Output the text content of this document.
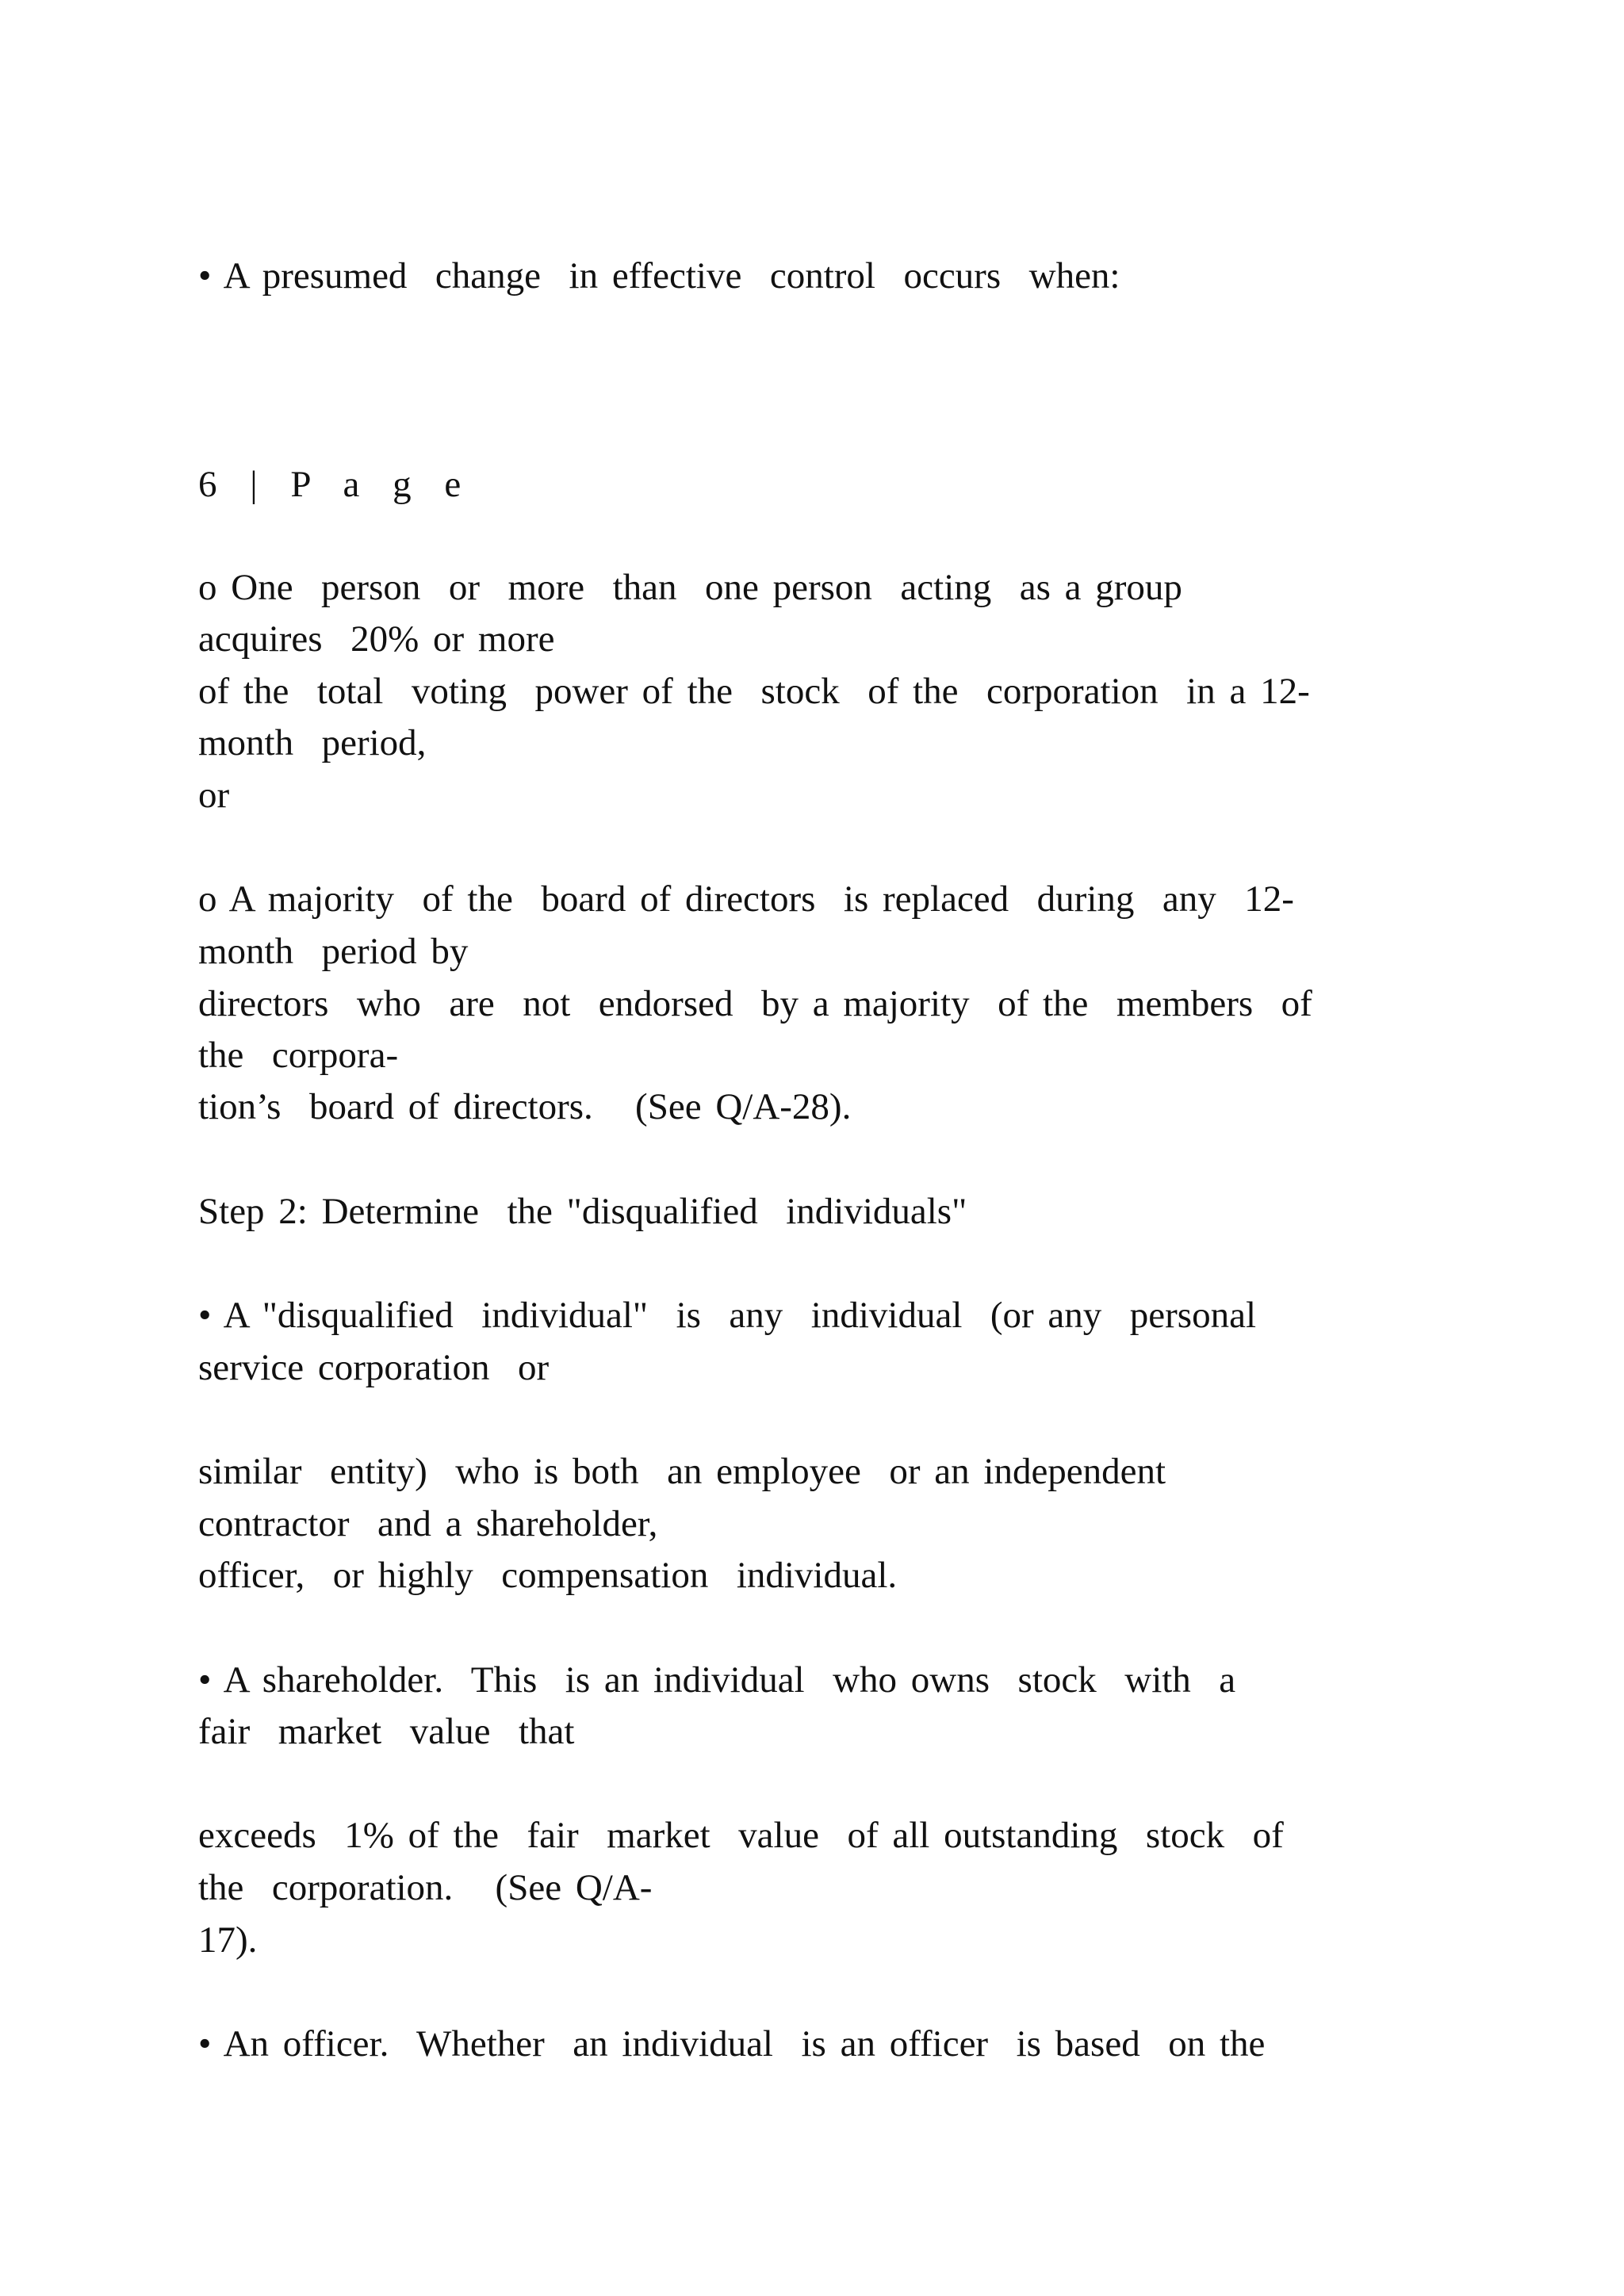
• A presumed  change  in effective  control  occurs  when:

6 | P a g e

o One  person  or  more  than  one person  acting  as a group

acquires  20% or more

of the  total  voting  power of the  stock  of the  corporation  in a 12-

month  period,

or

o A majority  of the  board of directors  is replaced  during  any  12-

month  period by

directors  who  are  not  endorsed  by a majority  of the  members  of

the  corpora-

tion’s  board of directors.   (See Q/A-28).

Step 2: Determine  the "disqualified  individuals"

• A "disqualified  individual"  is  any  individual  (or any  personal

service corporation  or

similar  entity)  who is both  an employee  or an independent

contractor  and a shareholder,

officer,  or highly  compensation  individual.

• A shareholder.  This  is an individual  who owns  stock  with  a

fair  market  value  that

exceeds  1% of the  fair  market  value  of all outstanding  stock  of

the  corporation.   (See Q/A-

17).

• An officer.  Whether  an individual  is an officer  is based  on the
